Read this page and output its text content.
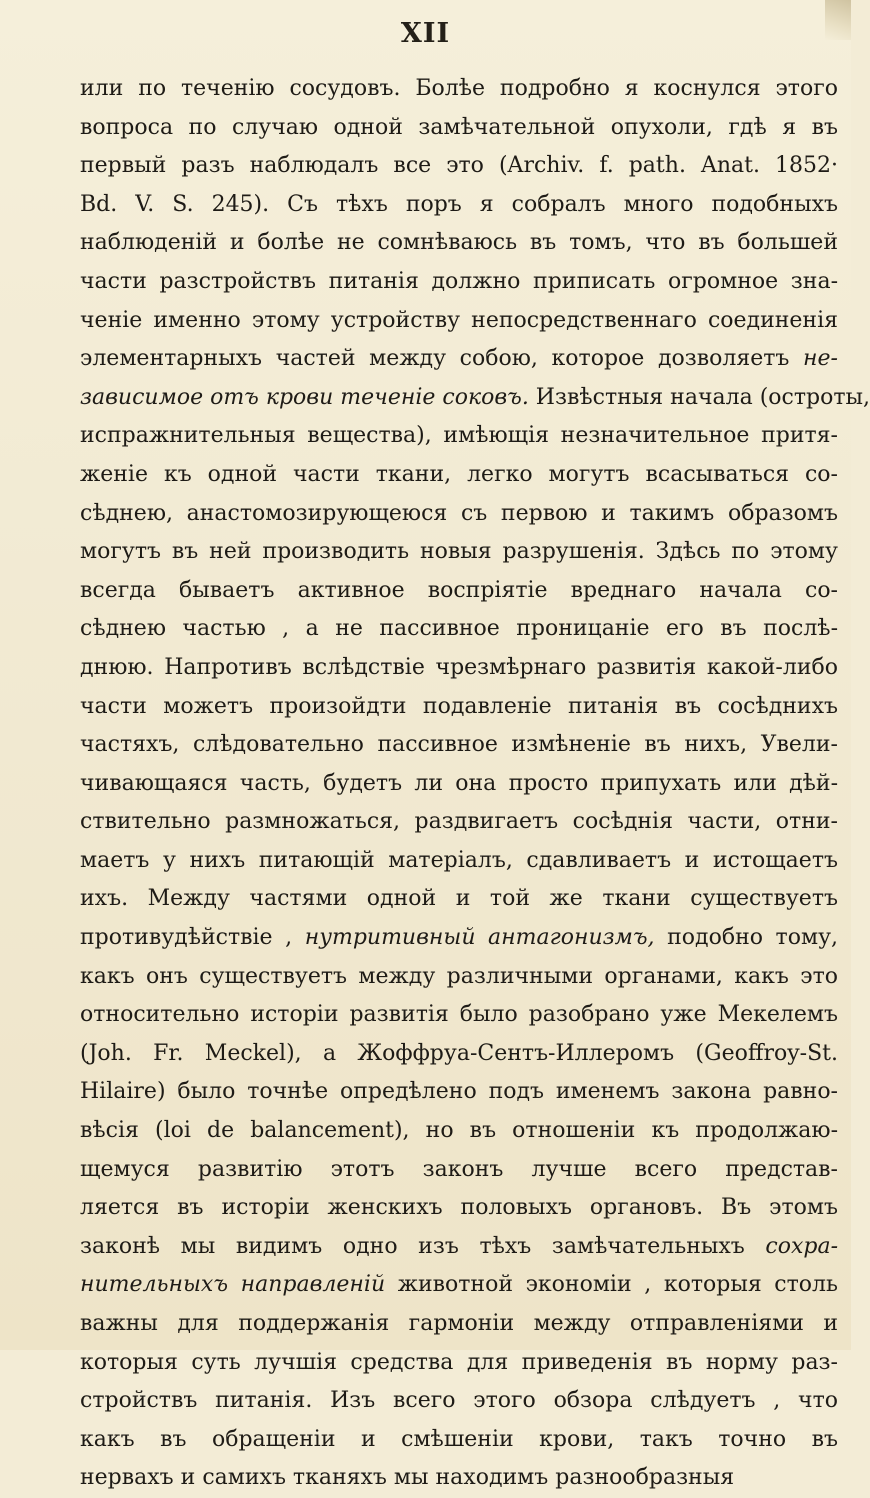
XII
или по теченію сосудовъ. Болѣе подробно я коснулся этого
вопроса по случаю одной замѣчательной опухоли, гдѣ я въ
первый разъ наблюдалъ все это (Archiv. f. path. Anat. 1852·
Bd. V. S. 245). Съ тѣхъ поръ я собралъ много подобныхъ
наблюденій и болѣе не сомнѣваюсь въ томъ, что въ большей
части разстройствъ питанія должно приписать огромное зна-
ченіе именно этому устройству непосредственнаго соединенія
элементарныхъ частей между собою, которое дозволяетъ не-
зависимое отъ крови теченіе соковъ. Извѣстныя начала (остроты,
испражнительныя вещества), имѣющія незначительное притя-
женіе къ одной части ткани, легко могутъ всасываться со-
сѣднею, анастомозирующеюся съ первою и такимъ образомъ
могутъ въ ней производить новыя разрушенія. Здѣсь по этому
всегда бываетъ активное воспріятіе вреднаго начала со-
сѣднею частью , а не пассивное проницаніе его въ послѣ-
днюю. Напротивъ вслѣдствіе чрезмѣрнаго развитія какой-либо
части можетъ произойдти подавленіе питанія въ сосѣднихъ
частяхъ, слѣдовательно пассивное измѣненіе въ нихъ, Увели-
чивающаяся часть, будетъ ли она просто припухать или дѣй-
ствительно размножаться, раздвигаетъ сосѣднія части, отни-
маетъ у нихъ питающій матеріалъ, сдавливаетъ и истощаетъ
ихъ. Между частями одной и той же ткани существуетъ
противудѣйствіе , нутритивный антагонизмъ, подобно тому,
какъ онъ существуетъ между различными органами, какъ это
относительно исторіи развитія было разобрано уже Мекелемъ
(Joh. Fr. Meckel), а Жоффруа-Сентъ-Иллеромъ (Geoffroy-St.
Hilaire) было точнѣе опредѣлено подъ именемъ закона равно-
вѣсія (loi de balancement), но въ отношеніи къ продолжаю-
щемуся развитію этотъ законъ лучше всего представ-
ляется въ исторіи женскихъ половыхъ органовъ. Въ этомъ
законѣ мы видимъ одно изъ тѣхъ замѣчательныхъ сохра-
нительныхъ направленій животной экономіи , которыя столь
важны для поддержанія гармоніи между отправленіями и
которыя суть лучшія средства для приведенія въ норму раз-
стройствъ питанія. Изъ всего этого обзора слѣдуетъ , что
какъ въ обращеніи и смѣшеніи крови, такъ точно въ
нервахъ и самихъ тканяхъ мы находимъ разнообразныя
